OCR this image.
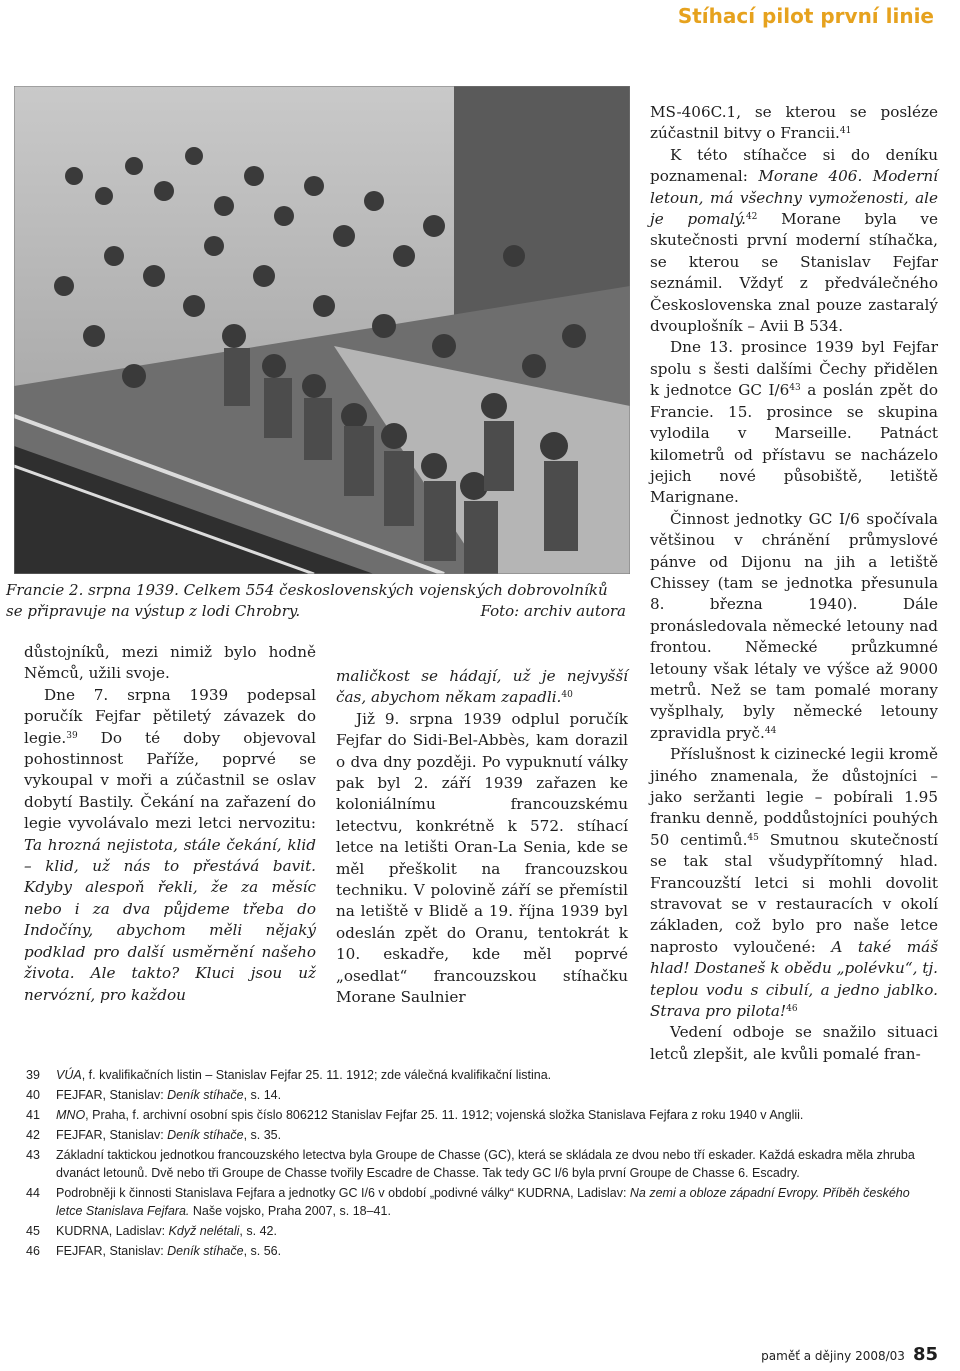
Stíhací pilot první linie
Francie 2. srpna 1939. Celkem 554 československých vojenských dobrovolníků se připravuje na výstup z lodi Chrobry.	Foto: archiv autora

důstojníků, mezi nimiž bylo hodně Němců, užili svoje.

Dne 7. srpna 1939 podepsal poručík Fejfar pětiletý závazek do legie.$^{39}$ Do té doby objevoval pohostinnost Paříže, poprvé se vykoupal v moři a zúčastnil se oslav dobytí Bastily. Čekání na zařazení do legie vyvolávalo mezi letci nervozitu: Ta hrozná nejistota, stále čekání, klid – klid, už nás to přestává bavit. Kdyby alespoň řekli, že za měsíc nebo i za dva půjdeme třeba do Indočíny, abychom měli nějaký podklad pro další usměrnění našeho života. Ale takto? Kluci jsou už nervózní, pro každou

maličkost se hádají, už je nejvyšší čas, abychom někam zapadli.$^{40}$

Již 9. srpna 1939 odplul poručík Fejfar do Sidi-Bel-Abbès, kam dorazil o dva dny později. Po vypuknutí války pak byl 2. září 1939 zařazen ke koloniálnímu francouzskému letectvu, konkrétně k 572. stíhací letce na letišti Oran-La Senia, kde se měl přeškolit na francouzskou techniku. V polovině září se přemístil na letiště v Blidě a 19. října 1939 byl odeslán zpět do Oranu, tentokrát k 10. eskadře, kde měl poprvé „osedlat“ francouzskou stíhačku Morane Saulnier

MS-406C.1, se kterou se posléze zúčastnil bitvy o Francii.$^{41}$

K této stíhačce si do deníku poznamenal: Morane 406. Moderní letoun, má všechny vymoženosti, ale je pomalý.$^{42}$ Morane byla ve skutečnosti první moderní stíhačka, se kterou se Stanislav Fejfar seznámil. Vždyť z předválečného Československa znal pouze zastaralý dvouplošník – Avii B 534.

Dne 13. prosince 1939 byl Fejfar spolu s šesti dalšími Čechy přidělen k jednotce GC $I/6^{43}$ a poslán zpět do Francie. 15. prosince se skupina vylodila v Marseille. Patnáct kilometrů od přístavu se nacházelo jejich nové působiště, letiště Marignane.

Činnost jednotky GC I/6 spočívala většinou v chránění průmyslové pánve od Dijonu na jih a letiště Chissey (tam se jednotka přesunula 8. března 1940). Dále pronásledovala německé letouny nad frontou. Německé průzkumné letouny však létaly ve výšce až 9000 metrů. Než se tam pomalé morany vyšplhaly, byly německé letouny zpravidla pryč.$^{44}$

Příslušnost k cizinecké legii kromě jiného znamenala, že důstojníci – jako seržanti legie – pobírali 1.95 franku denně, poddůstojníci pouhých 50 centimů.$^{45}$ Smutnou skutečností se tak stal všudypřítomný hlad. Francouzští letci si mohli dovolit stravovat se v restauracích v okolí základen, což bylo pro naše letce naprosto vyloučené: A také máš hlad! Dostaneš k obědu „polévku“, tj. teplou vodu s cibulí, a jedno jablko. Strava pro pilota!$^{46}$

Vedení odboje se snažilo situaci letců zlepšit, ale kvůli pomalé fran-

39	VÚA, f. kvalifikačních listin – Stanislav Fejfar 25. 11. 1912; zde válečná kvalifikační listina.
40	FEJFAR, Stanislav: Deník stíhače, s. 14.
41	MNO, Praha, f. archivní osobní spis číslo 806212 Stanislav Fejfar 25. 11. 1912; vojenská složka Stanislava Fejfara z roku 1940 v Anglii.
42	FEJFAR, Stanislav: Deník stíhače, s. 35.
43	Základní taktickou jednotkou francouzského letectva byla Groupe de Chasse (GC), která se skládala ze dvou nebo tří eskader. Každá eskadra měla zhruba dvanáct letounů. Dvě nebo tři Groupe de Chasse tvořily Escadre de Chasse. Tak tedy GC I/6 byla první Groupe de Chasse 6. Escadry.
44	Podrobněji k činnosti Stanislava Fejfara a jednotky GC I/6 v období „podivné války“ KUDRNA, Ladislav: Na zemi a obloze západní Evropy. Příběh českého letce Stanislava Fejfara. Naše vojsko, Praha 2007, s. 18–41.
45	KUDRNA, Ladislav: Když nelétali, s. 42.
46	FEJFAR, Stanislav: Deník stíhače, s. 56.
paměť a dějiny 2008/03 85
